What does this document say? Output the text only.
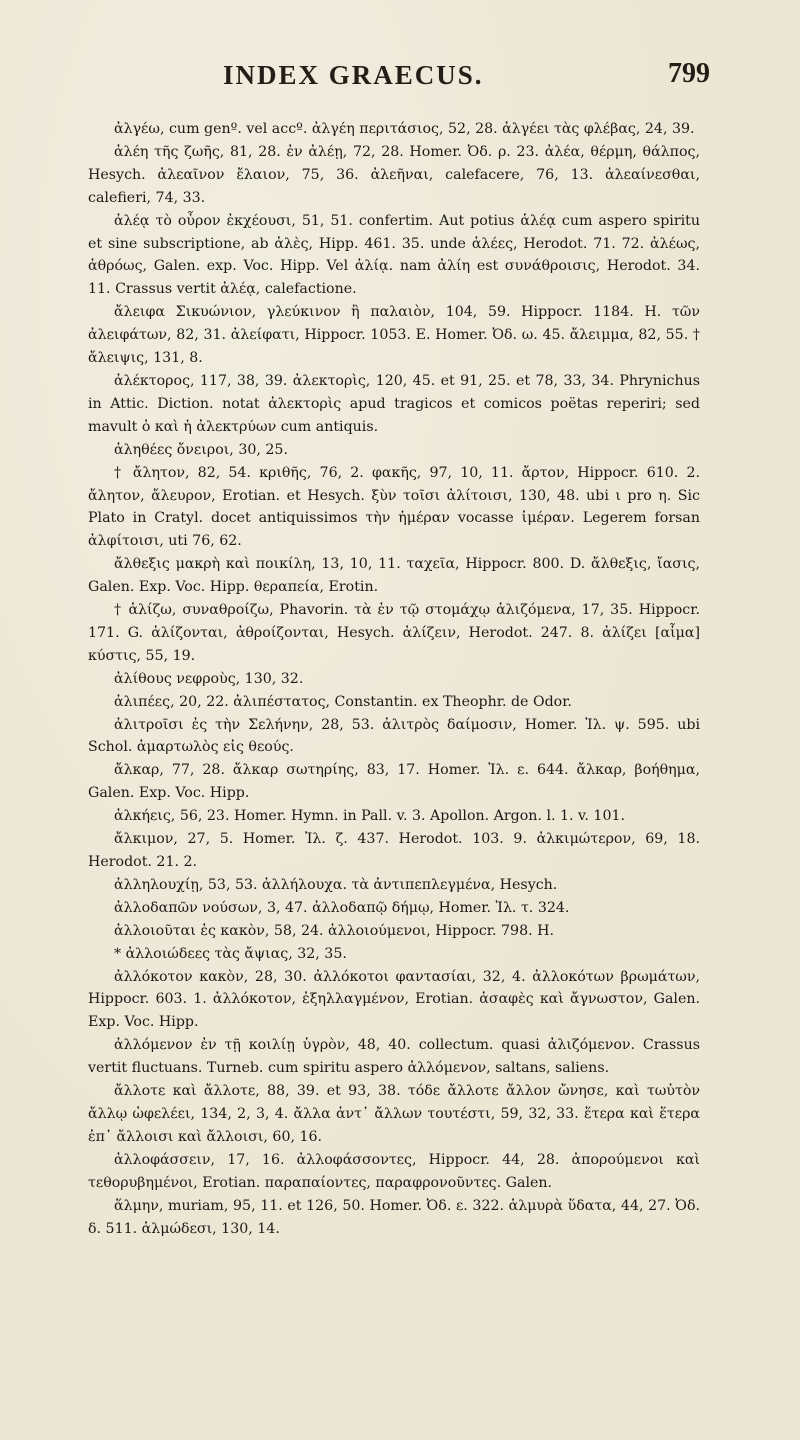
INDEX GRAECUS.	799

ἀλγέω, cum genº. vel accº. ἀλγέη περιτάσιος, 52, 28. ἀλγέει τὰς φλέβας, 24, 39.

ἀλέη τῆς ζωῆς, 81, 28. ἐν ἀλέῃ, 72, 28. Homer. Ὀδ. ρ. 23. ἀλέα, θέρμη, θάλπος, Hesych. ἀλεαῖνον ἔλαιον, 75, 36. ἀλεῆναι, calefacere, 76, 13. ἀλεαίνεσθαι, calefieri, 74, 33.

ἀλέᾳ τὸ οὖρον ἐκχέουσι, 51, 51. confertim. Aut potius ἁλέᾳ cum aspero spiritu et sine subscriptione, ab ἁλὲς, Hipp. 461. 35. unde ἁλέες, Herodot. 71. 72. ἀλέως, ἀθρόως, Galen. exp. Voc. Hipp. Vel ἀλίᾳ. nam ἀλίη est συνάθροισις, Herodot. 34. 11. Crassus vertit ἀλέᾳ, calefactione.

ἄλειφα Σικυώνιον, γλεύκινον ἢ παλαιὸν, 104, 59. Hippocr. 1184. H. τῶν ἀλειφάτων, 82, 31. ἀλείφατι, Hippocr. 1053. E. Homer. Ὀδ. ω. 45. ἄλειμμα, 82, 55. † ἄλειψις, 131, 8.

ἀλέκτορος, 117, 38, 39. ἀλεκτορὶς, 120, 45. et 91, 25. et 78, 33, 34. Phrynichus in Attic. Diction. notat ἀλεκτορὶς apud tragicos et comicos poëtas reperiri; sed mavult ὁ καὶ ἡ ἀλεκτρύων cum antiquis.

ἀληθέες ὄνειροι, 30, 25.

† ἄλητον, 82, 54. κριθῆς, 76, 2. φακῆς, 97, 10, 11. ἄρτον, Hippocr. 610. 2. ἄλητον, ἄλευρον, Erotian. et Hesych. ξὺν τοῖσι ἀλίτοισι, 130, 48. ubi ι pro η. Sic Plato in Cratyl. docet antiquissimos τὴν ἡμέραν vocasse ἱμέραν. Legerem forsan ἀλφίτοισι, uti 76, 62.

ἄλθεξις μακρὴ καὶ ποικίλη, 13, 10, 11. ταχεῖα, Hippocr. 800. D. ἄλθεξις, ἴασις, Galen. Exp. Voc. Hipp. θεραπεία, Erotin.

† ἁλίζω, συναθροίζω, Phavorin. τὰ ἐν τῷ στομάχῳ ἁλιζόμενα, 17, 35. Hippocr. 171. G. ἁλίζονται, ἀθροίζονται, Hesych. ἀλίζειν, Herodot. 247. 8. ἀλίζει [αἷμα] κύστις, 55, 19.

ἀλίθους νεφροὺς, 130, 32.

ἀλιπέες, 20, 22. ἀλιπέστατος, Constantin. ex Theophr. de Odor.

ἀλιτροῖσι ἐς τὴν Σελήνην, 28, 53. ἀλιτρὸς δαίμοσιν, Homer. Ἰλ. ψ. 595. ubi Schol. ἁμαρτωλὸς εἰς θεούς.

ἄλκαρ, 77, 28. ἄλκαρ σωτηρίης, 83, 17. Homer. Ἰλ. ε. 644. ἄλκαρ, βοήθημα, Galen. Exp. Voc. Hipp.

ἀλκήεις, 56, 23. Homer. Hymn. in Pall. v. 3. Apollon. Argon. l. 1. v. 101.

ἄλκιμον, 27, 5. Homer. Ἰλ. ζ. 437. Herodot. 103. 9. ἀλκιμώτερον, 69, 18. Herodot. 21. 2.

ἀλληλουχίῃ, 53, 53. ἀλλήλουχα. τὰ ἀντιπεπλεγμένα, Hesych.

ἀλλοδαπῶν νούσων, 3, 47. ἀλλοδαπῷ δήμῳ, Homer. Ἰλ. τ. 324.

ἀλλοιοῦται ἐς κακὸν, 58, 24. ἀλλοιούμενοι, Hippocr. 798. H.

* ἀλλοιώδεες τὰς ἄψιας, 32, 35.

ἀλλόκοτον κακὸν, 28, 30. ἀλλόκοτοι φαντασίαι, 32, 4. ἀλλοκότων βρωμάτων, Hippocr. 603. 1. ἀλλόκοτον, ἐξηλλαγμένον, Erotian. ἀσαφὲς καὶ ἄγνωστον, Galen. Exp. Voc. Hipp.

ἀλλόμενον ἐν τῇ κοιλίῃ ὑγρὸν, 48, 40. collectum. quasi ἀλιζόμενον. Crassus vertit fluctuans. Turneb. cum spiritu aspero ἁλλόμενον, saltans, saliens.

ἄλλοτε καὶ ἄλλοτε, 88, 39. et 93, 38. τόδε ἄλλοτε ἄλλον ὤνησε, καὶ τωὐτὸν ἄλλῳ ὠφελέει, 134, 2, 3, 4. ἄλλα ἀντ᾽ ἄλλων τουτέστι, 59, 32, 33. ἕτερα καὶ ἕτερα ἐπ᾽ ἄλλοισι καὶ ἄλλοισι, 60, 16.

ἀλλοφάσσειν, 17, 16. ἀλλοφάσσοντες, Hippocr. 44, 28. ἀπορούμενοι καὶ τεθορυβημένοι, Erotian. παραπαίοντες, παραφρονοῦντες. Galen.

ἅλμην, muriam, 95, 11. et 126, 50. Homer. Ὀδ. ε. 322. ἁλμυρὰ ὕδατα, 44, 27. Ὀδ. δ. 511. ἁλμώδεσι, 130, 14.
